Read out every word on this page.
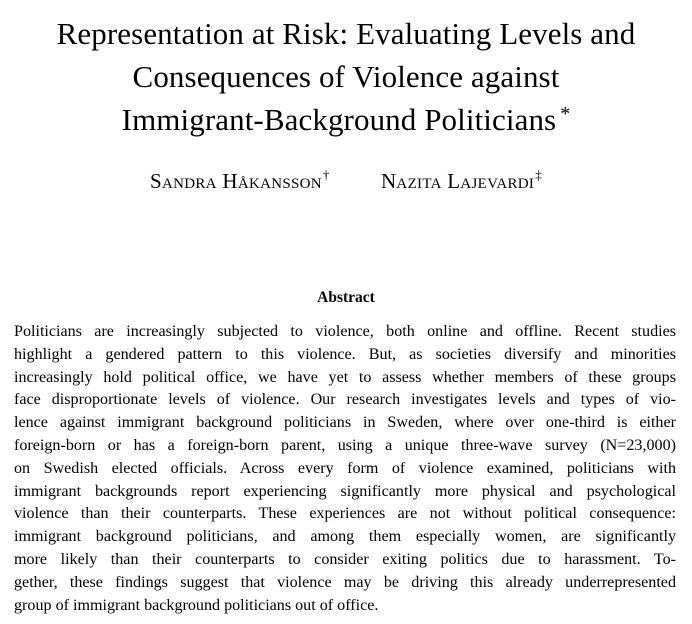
Representation at Risk: Evaluating Levels and
Consequences of Violence against
Immigrant-Background Politicians *
Sandra Håkansson† Nazita Lajevardi‡
Abstract
Politicians are increasingly subjected to violence, both online and offline. Recent studies
highlight a gendered pattern to this violence. But, as societies diversify and minorities
increasingly hold political office, we have yet to assess whether members of these groups
face disproportionate levels of violence. Our research investigates levels and types of vio-
lence against immigrant background politicians in Sweden, where over one-third is either
foreign-born or has a foreign-born parent, using a unique three-wave survey (N=23,000)
on Swedish elected officials. Across every form of violence examined, politicians with
immigrant backgrounds report experiencing significantly more physical and psychological
violence than their counterparts. These experiences are not without political consequence:
immigrant background politicians, and among them especially women, are significantly
more likely than their counterparts to consider exiting politics due to harassment. To-
gether, these findings suggest that violence may be driving this already underrepresented
group of immigrant background politicians out of office.
